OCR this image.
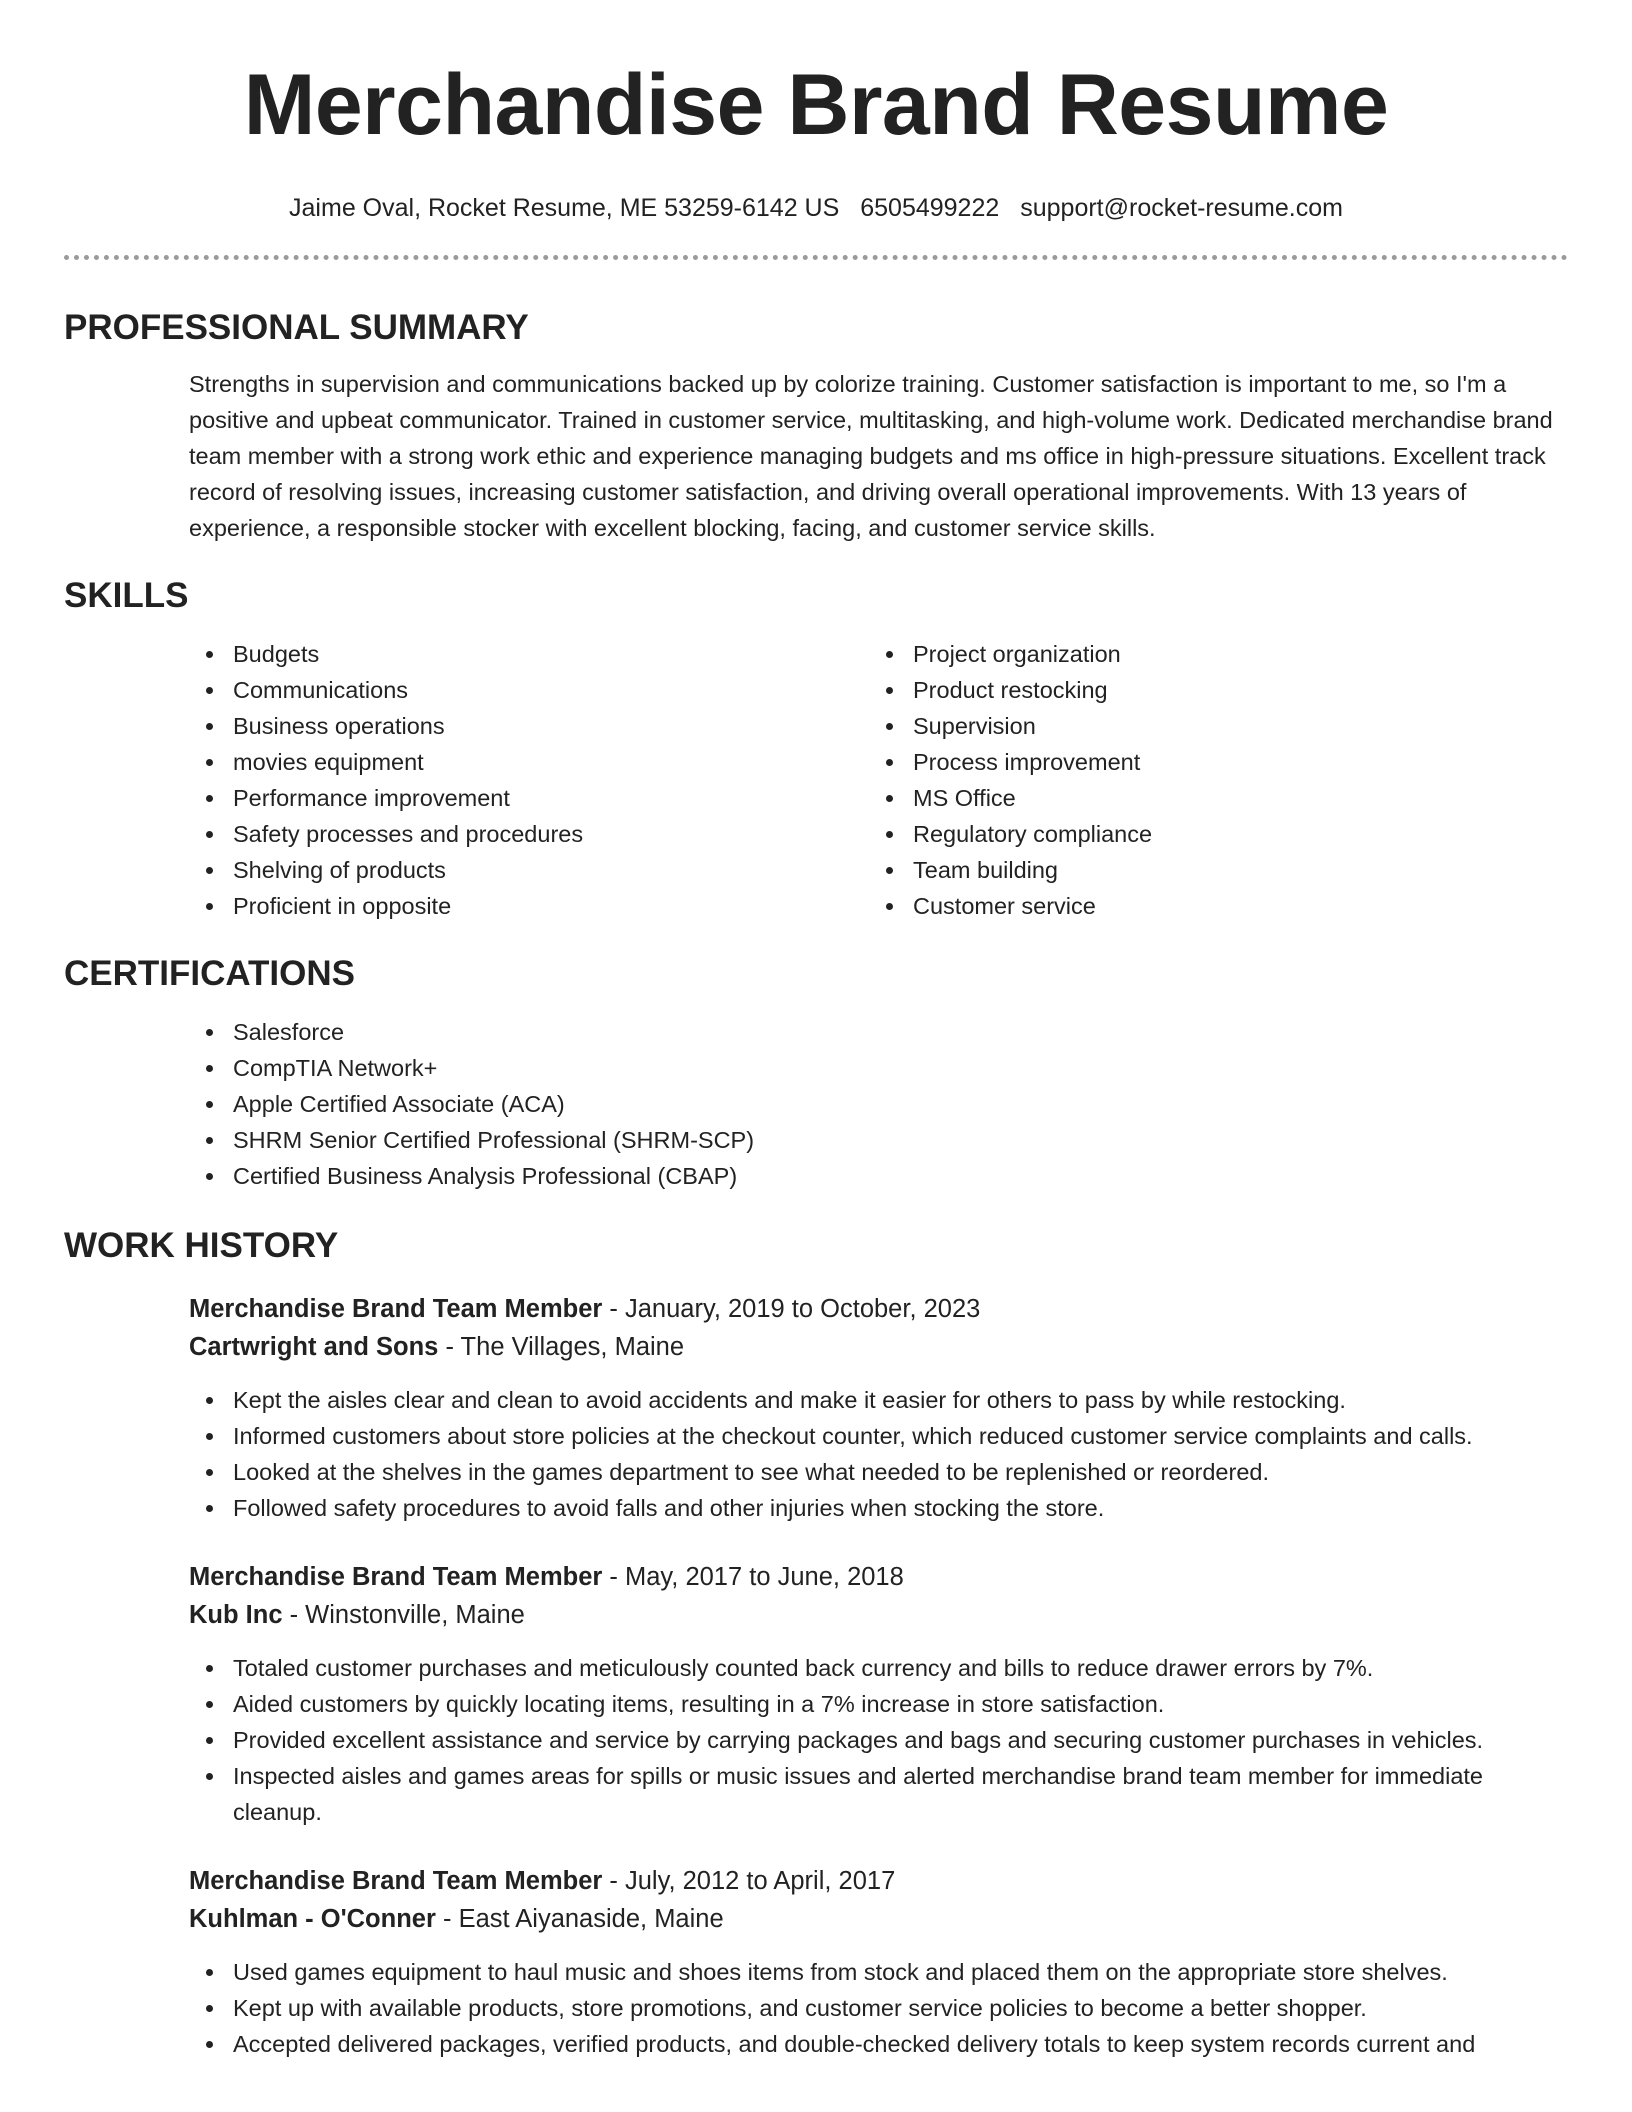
Merchandise Brand Resume
Jaime Oval, Rocket Resume, ME 53259-6142 US 6505499222 support@rocket-resume.com
PROFESSIONAL SUMMARY
Strengths in supervision and communications backed up by colorize training. Customer satisfaction is important to me, so I'm a positive and upbeat communicator. Trained in customer service, multitasking, and high-volume work. Dedicated merchandise brand team member with a strong work ethic and experience managing budgets and ms office in high-pressure situations. Excellent track record of resolving issues, increasing customer satisfaction, and driving overall operational improvements. With 13 years of experience, a responsible stocker with excellent blocking, facing, and customer service skills.
SKILLS
Budgets
Communications
Business operations
movies equipment
Performance improvement
Safety processes and procedures
Shelving of products
Proficient in opposite
Project organization
Product restocking
Supervision
Process improvement
MS Office
Regulatory compliance
Team building
Customer service
CERTIFICATIONS
Salesforce
CompTIA Network+
Apple Certified Associate (ACA)
SHRM Senior Certified Professional (SHRM-SCP)
Certified Business Analysis Professional (CBAP)
WORK HISTORY
Merchandise Brand Team Member - January, 2019 to October, 2023
Cartwright and Sons - The Villages, Maine
Kept the aisles clear and clean to avoid accidents and make it easier for others to pass by while restocking.
Informed customers about store policies at the checkout counter, which reduced customer service complaints and calls.
Looked at the shelves in the games department to see what needed to be replenished or reordered.
Followed safety procedures to avoid falls and other injuries when stocking the store.
Merchandise Brand Team Member - May, 2017 to June, 2018
Kub Inc - Winstonville, Maine
Totaled customer purchases and meticulously counted back currency and bills to reduce drawer errors by 7%.
Aided customers by quickly locating items, resulting in a 7% increase in store satisfaction.
Provided excellent assistance and service by carrying packages and bags and securing customer purchases in vehicles.
Inspected aisles and games areas for spills or music issues and alerted merchandise brand team member for immediate cleanup.
Merchandise Brand Team Member - July, 2012 to April, 2017
Kuhlman - O'Conner - East Aiyanaside, Maine
Used games equipment to haul music and shoes items from stock and placed them on the appropriate store shelves.
Kept up with available products, store promotions, and customer service policies to become a better shopper.
Accepted delivered packages, verified products, and double-checked delivery totals to keep system records current and
